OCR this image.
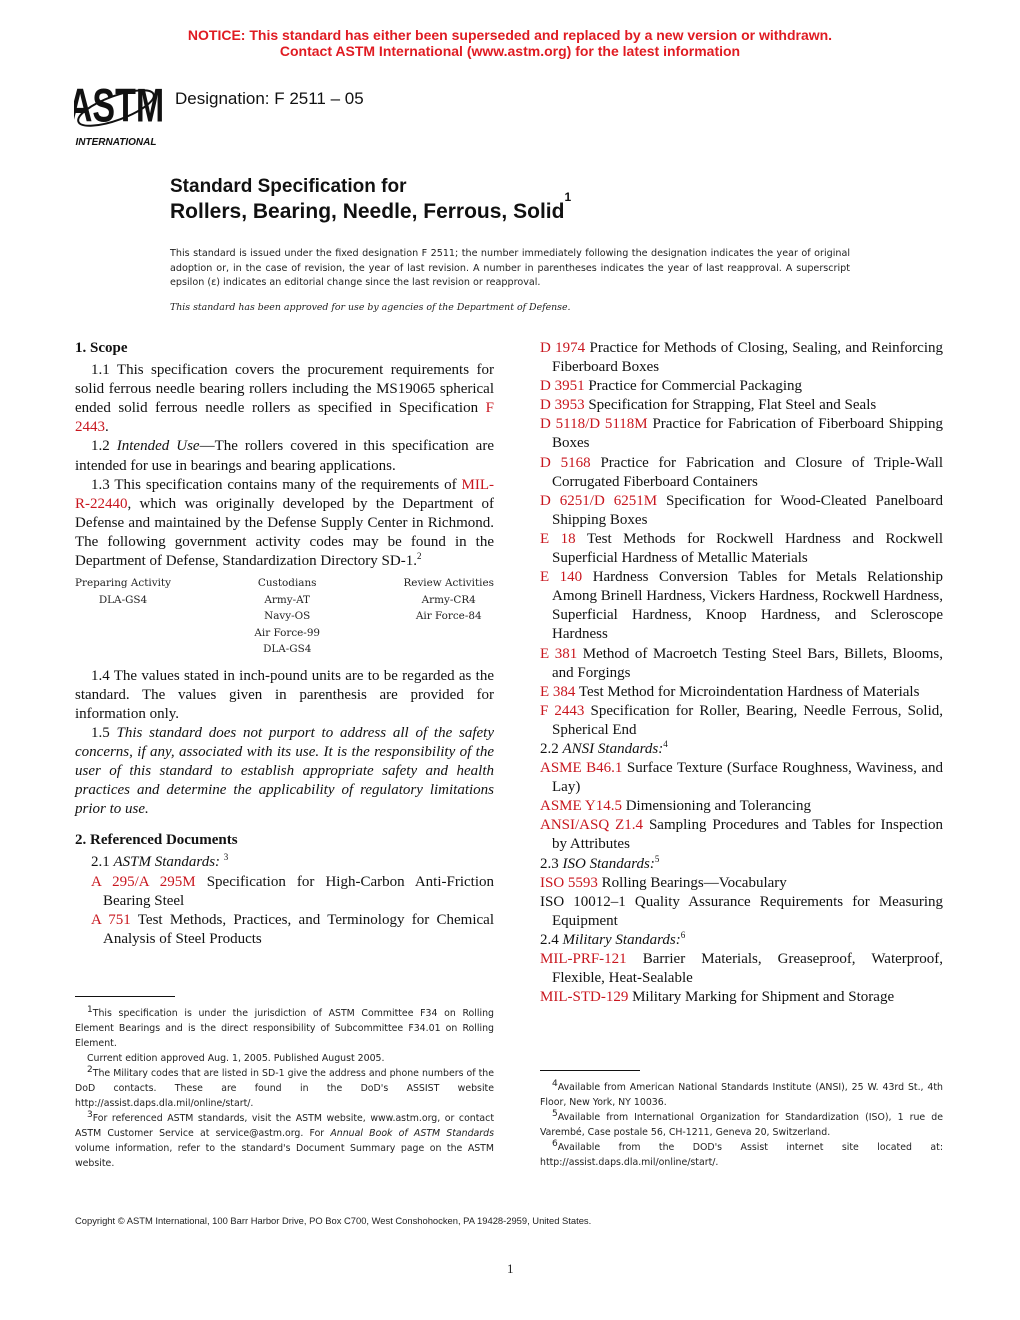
NOTICE: This standard has either been superseded and replaced by a new version or withdrawn.
Contact ASTM International (www.astm.org) for the latest information
ASTM
INTERNATIONAL
Designation: F 2511 – 05
Standard Specification for
Rollers, Bearing, Needle, Ferrous, Solid$^1$
This standard is issued under the fixed designation F 2511; the number immediately following the designation indicates the year of original adoption or, in the case of revision, the year of last revision. A number in parentheses indicates the year of last reapproval. A superscript epsilon (ε) indicates an editorial change since the last revision or reapproval.
This standard has been approved for use by agencies of the Department of Defense.
1. Scope

1.1 This specification covers the procurement requirements for solid ferrous needle bearing rollers including the MS19065 spherical ended solid ferrous needle rollers as specified in Specification F 2443.

1.2 Intended Use—The rollers covered in this specification are intended for use in bearings and bearing applications.

1.3 This specification contains many of the requirements of MIL-R-22440, which was originally developed by the Department of Defense and maintained by the Defense Supply Center in Richmond. The following government activity codes may be found in the Department of Defense, Standardization Directory SD-1.$^2$

Preparing Activity
DLA-GS4
Custodians
Army-AT
Navy-OS
Air Force-99
DLA-GS4
Review Activities
Army-CR4
Air Force-84

1.4 The values stated in inch-pound units are to be regarded as the standard. The values given in parenthesis are provided for information only.

1.5 This standard does not purport to address all of the safety concerns, if any, associated with its use. It is the responsibility of the user of this standard to establish appropriate safety and health practices and determine the applicability of regulatory limitations prior to use.

2. Referenced Documents

2.1 ASTM Standards: $^3$

A 295/A 295M Specification for High-Carbon Anti-Friction Bearing Steel

A 751 Test Methods, Practices, and Terminology for Chemical Analysis of Steel Products

D 1974 Practice for Methods of Closing, Sealing, and Reinforcing Fiberboard Boxes

D 3951 Practice for Commercial Packaging

D 3953 Specification for Strapping, Flat Steel and Seals

D 5118/D 5118M Practice for Fabrication of Fiberboard Shipping Boxes

D 5168 Practice for Fabrication and Closure of Triple-Wall Corrugated Fiberboard Containers

D 6251/D 6251M Specification for Wood-Cleated Panelboard Shipping Boxes

E 18 Test Methods for Rockwell Hardness and Rockwell Superficial Hardness of Metallic Materials

E 140 Hardness Conversion Tables for Metals Relationship Among Brinell Hardness, Vickers Hardness, Rockwell Hardness, Superficial Hardness, Knoop Hardness, and Scleroscope Hardness

E 381 Method of Macroetch Testing Steel Bars, Billets, Blooms, and Forgings

E 384 Test Method for Microindentation Hardness of Materials

F 2443 Specification for Roller, Bearing, Needle Ferrous, Solid, Spherical End

2.2 ANSI Standards:$^4$

ASME B46.1 Surface Texture (Surface Roughness, Waviness, and Lay)

ASME Y14.5 Dimensioning and Tolerancing

ANSI/ASQ Z1.4 Sampling Procedures and Tables for Inspection by Attributes

2.3 ISO Standards:$^5$

ISO 5593 Rolling Bearings—Vocabulary

ISO 10012–1 Quality Assurance Requirements for Measuring Equipment

2.4 Military Standards:$^6$

MIL-PRF-121 Barrier Materials, Greaseproof, Waterproof, Flexible, Heat-Sealable

MIL-STD-129 Military Marking for Shipment and Storage

$^1$This specification is under the jurisdiction of ASTM Committee F34 on Rolling Element Bearings and is the direct responsibility of Subcommittee F34.01 on Rolling Element.

Current edition approved Aug. 1, 2005. Published August 2005.

$^2$The Military codes that are listed in SD-1 give the address and phone numbers of the DoD contacts. These are found in the DoD's ASSIST website http://assist.daps.dla.mil/online/start/.

$^3$For referenced ASTM standards, visit the ASTM website, www.astm.org, or contact ASTM Customer Service at service@astm.org. For Annual Book of ASTM Standards volume information, refer to the standard's Document Summary page on the ASTM website.

$^4$Available from American National Standards Institute (ANSI), 25 W. 43rd St., 4th Floor, New York, NY 10036.

$^5$Available from International Organization for Standardization (ISO), 1 rue de Varembé, Case postale 56, CH-1211, Geneva 20, Switzerland.

$^6$Available from the DOD's Assist internet site located at: http://assist.daps.dla.mil/online/start/.

Copyright © ASTM International, 100 Barr Harbor Drive, PO Box C700, West Conshohocken, PA 19428-2959, United States.
1
